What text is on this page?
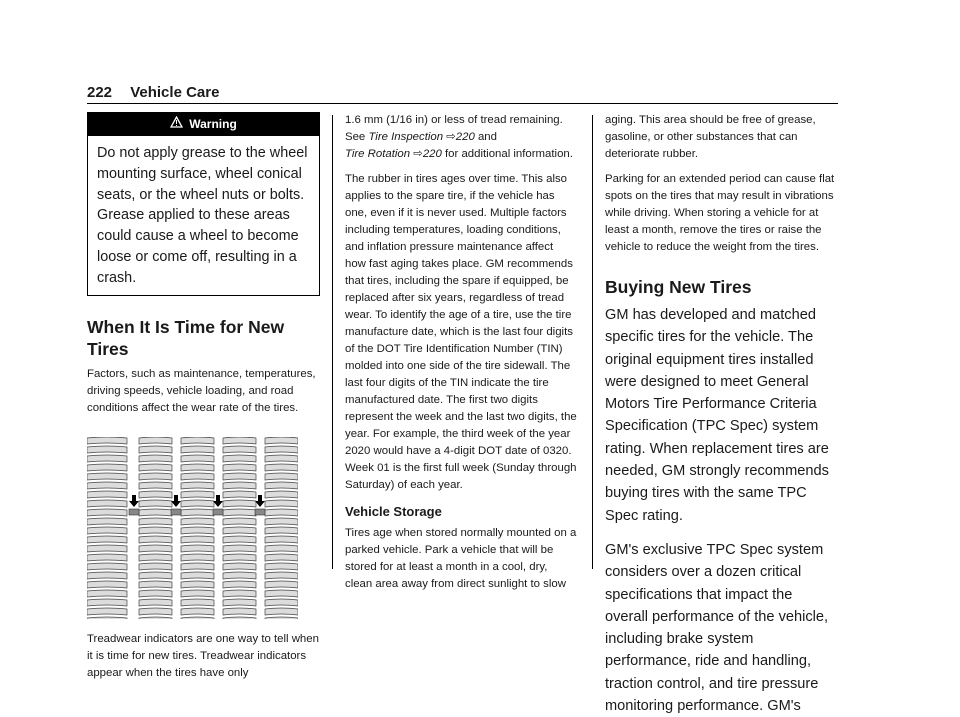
222 Vehicle Care
Warning
Do not apply grease to the wheel mounting surface, wheel conical seats, or the wheel nuts or bolts. Grease applied to these areas could cause a wheel to become loose or come off, resulting in a crash.
When It Is Time for New Tires

Factors, such as maintenance, temperatures, driving speeds, vehicle loading, and road conditions affect the wear rate of the tires.

Treadwear indicators are one way to tell when it is time for new tires. Treadwear indicators appear when the tires have only

1.6 mm (1/16 in) or less of tread remaining. See Tire Inspection ⇨220 and
Tire Rotation ⇨220 for additional information.

The rubber in tires ages over time. This also applies to the spare tire, if the vehicle has one, even if it is never used. Multiple factors including temperatures, loading conditions, and inflation pressure maintenance affect how fast aging takes place. GM recommends that tires, including the spare if equipped, be replaced after six years, regardless of tread wear. To identify the age of a tire, use the tire manufacture date, which is the last four digits of the DOT Tire Identification Number (TIN) molded into one side of the tire sidewall. The last four digits of the TIN indicate the tire manufactured date. The first two digits represent the week and the last two digits, the year. For example, the third week of the year 2020 would have a 4-digit DOT date of 0320. Week 01 is the first full week (Sunday through Saturday) of each year.

Vehicle Storage

Tires age when stored normally mounted on a parked vehicle. Park a vehicle that will be stored for at least a month in a cool, dry, clean area away from direct sunlight to slow

aging. This area should be free of grease, gasoline, or other substances that can deteriorate rubber.

Parking for an extended period can cause flat spots on the tires that may result in vibrations while driving. When storing a vehicle for at least a month, remove the tires or raise the vehicle to reduce the weight from the tires.

Buying New Tires

GM has developed and matched specific tires for the vehicle. The original equipment tires installed were designed to meet General Motors Tire Performance Criteria Specification (TPC Spec) system rating. When replacement tires are needed, GM strongly recommends buying tires with the same TPC Spec rating.

GM's exclusive TPC Spec system considers over a dozen critical specifications that impact the overall performance of the vehicle, including brake system performance, ride and handling, traction control, and tire pressure monitoring performance. GM's
